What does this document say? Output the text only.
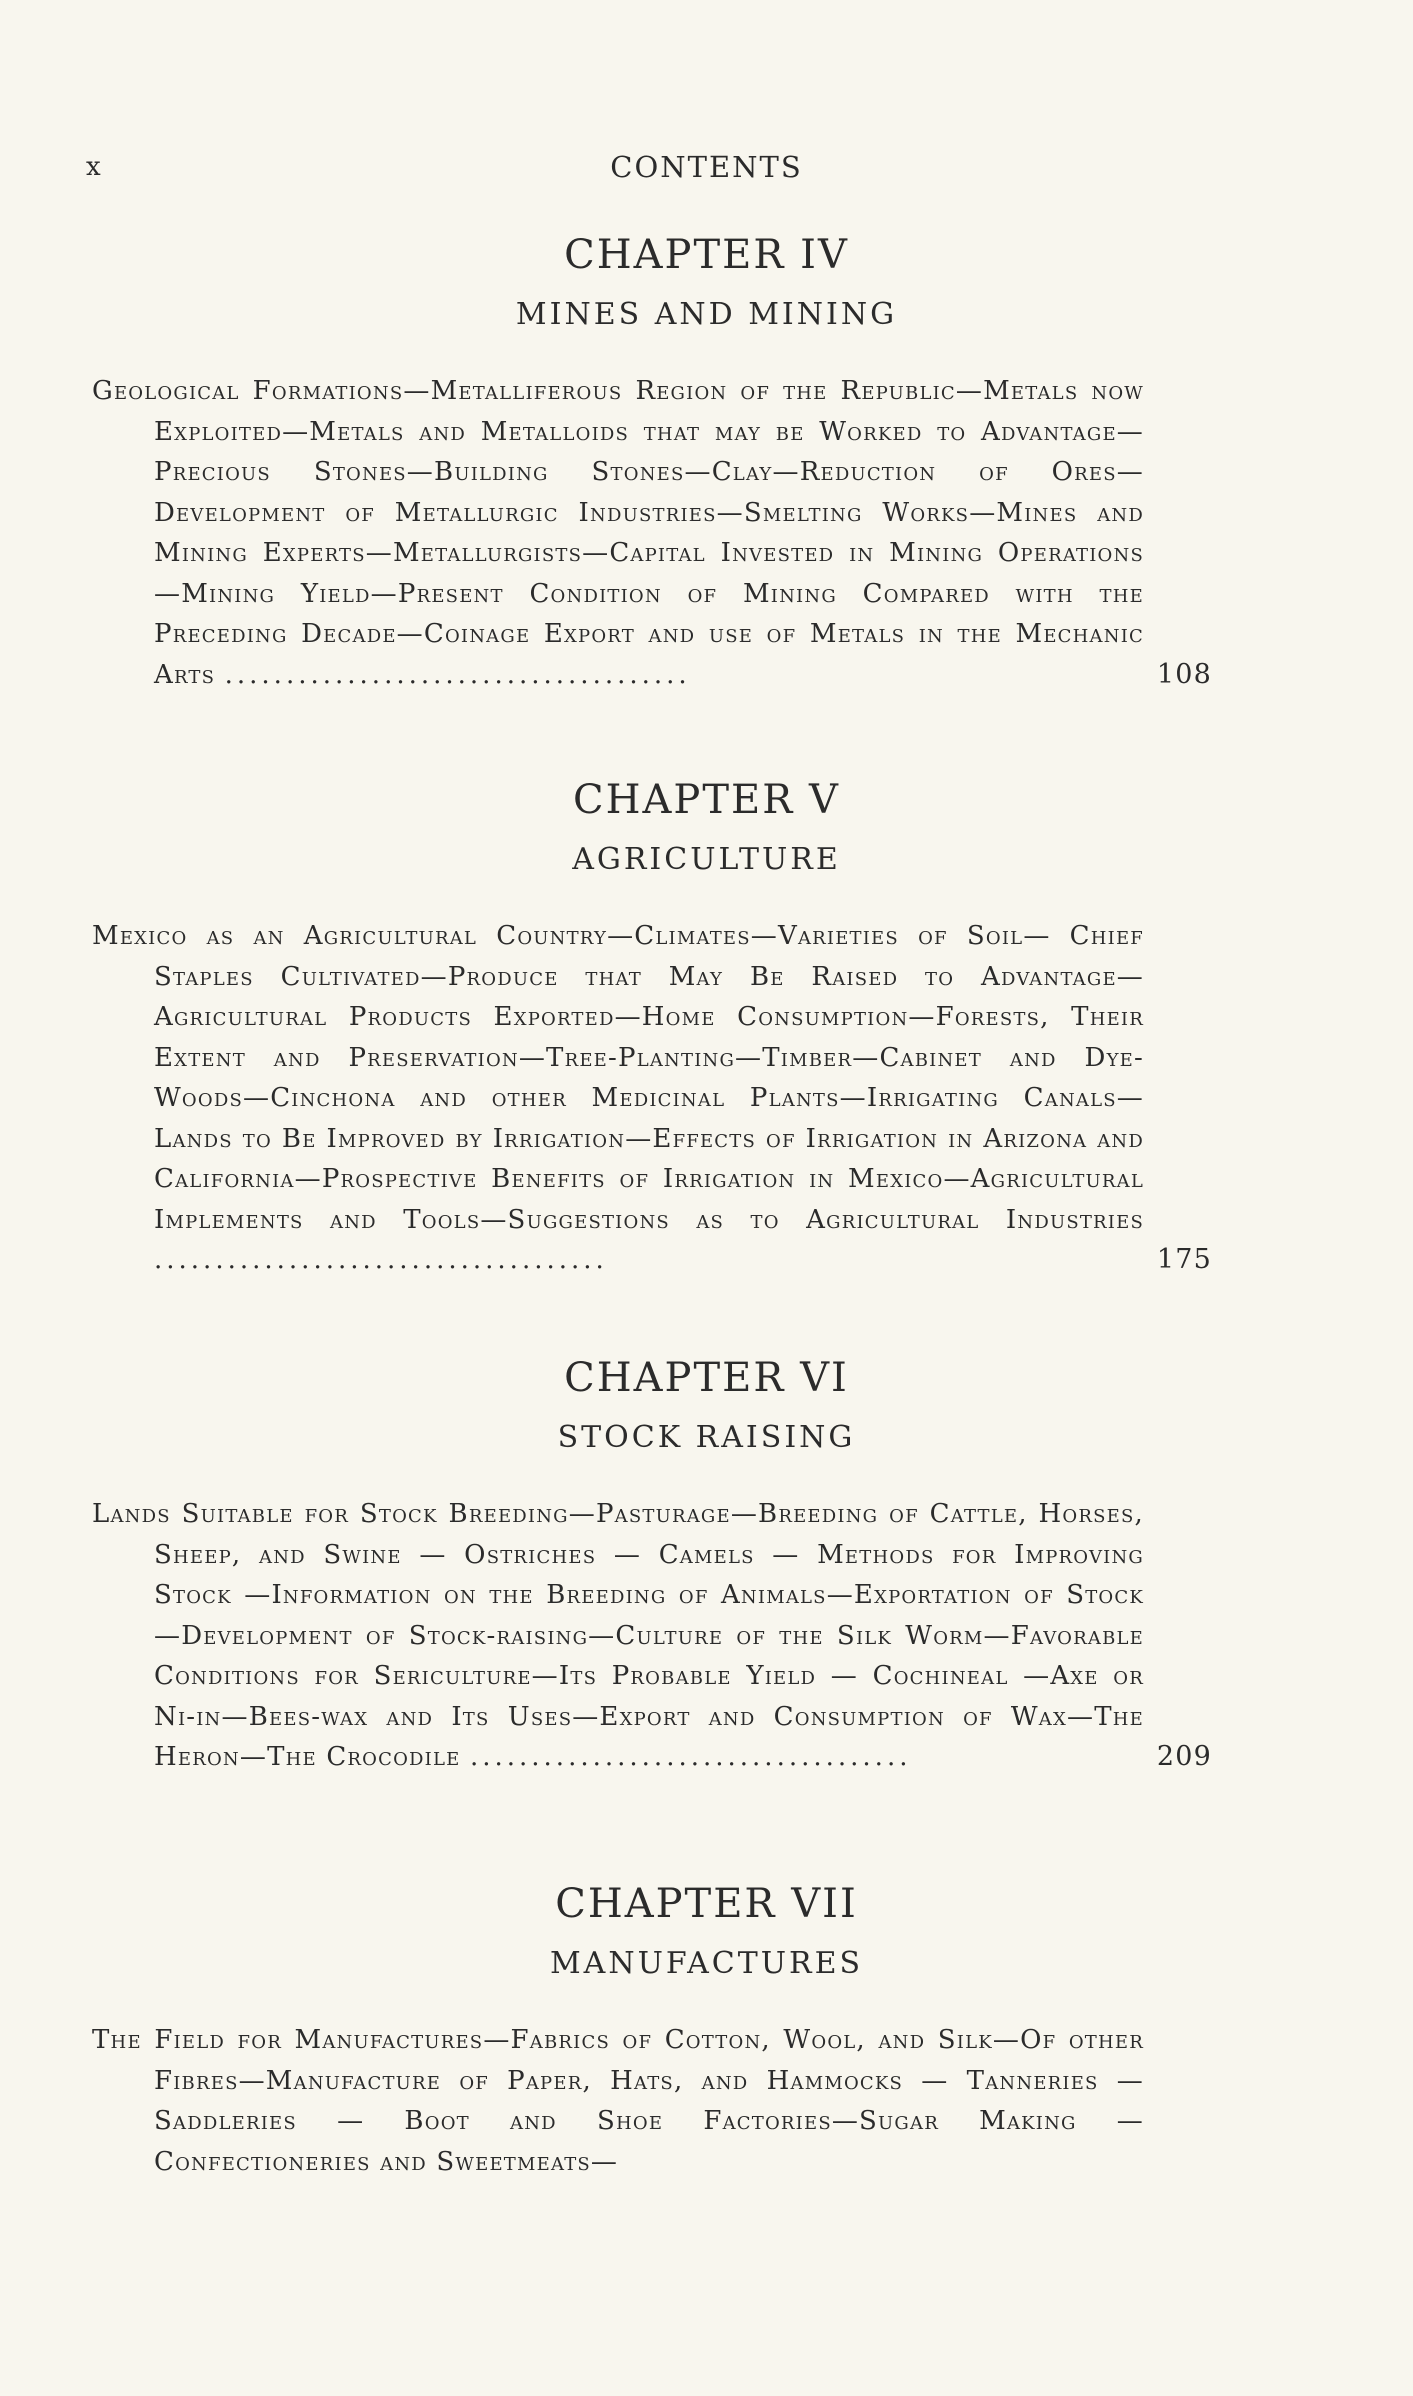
x	CONTENTS
CHAPTER IV
MINES AND MINING
Geological Formations—Metalliferous Region of the Republic—Metals now Exploited—Metals and Metalloids that may be Worked to Advantage—Precious Stones—Building Stones—Clay—Reduction of Ores—Development of Metallurgic Industries—Smelting Works—Mines and Mining Experts—Metallurgists—Capital Invested in Mining Operations—Mining Yield—Present Condition of Mining Compared with the Preceding Decade—Coinage Export and use of Metals in the Mechanic Arts ......................................	108
CHAPTER V
AGRICULTURE
Mexico as an Agricultural Country—Climates—Varieties of Soil— Chief Staples Cultivated—Produce that May Be Raised to Advantage—Agricultural Products Exported—Home Consumption—Forests, Their Extent and Preservation—Tree-Planting—Timber—Cabinet and Dye-Woods—Cinchona and other Medicinal Plants—Irrigating Canals—Lands to Be Improved by Irrigation—Effects of Irrigation in Arizona and California—Prospective Benefits of Irrigation in Mexico—Agricultural Implements and Tools—Suggestions as to Agricultural Industries .....................................	175
CHAPTER VI
STOCK RAISING
Lands Suitable for Stock Breeding—Pasturage—Breeding of Cattle, Horses, Sheep, and Swine — Ostriches — Camels — Methods for Improving Stock —Information on the Breeding of Animals—Exportation of Stock—Development of Stock-raising—Culture of the Silk Worm—Favorable Conditions for Sericulture—Its Probable Yield — Cochineal —Axe or Ni-in—Bees-wax and Its Uses—Export and Consumption of Wax—The Heron—The Crocodile ....................................	209
CHAPTER VII
MANUFACTURES
The Field for Manufactures—Fabrics of Cotton, Wool, and Silk—Of other Fibres—Manufacture of Paper, Hats, and Hammocks — Tanneries — Saddleries — Boot and Shoe Factories—Sugar Making — Confectioneries and Sweetmeats—
